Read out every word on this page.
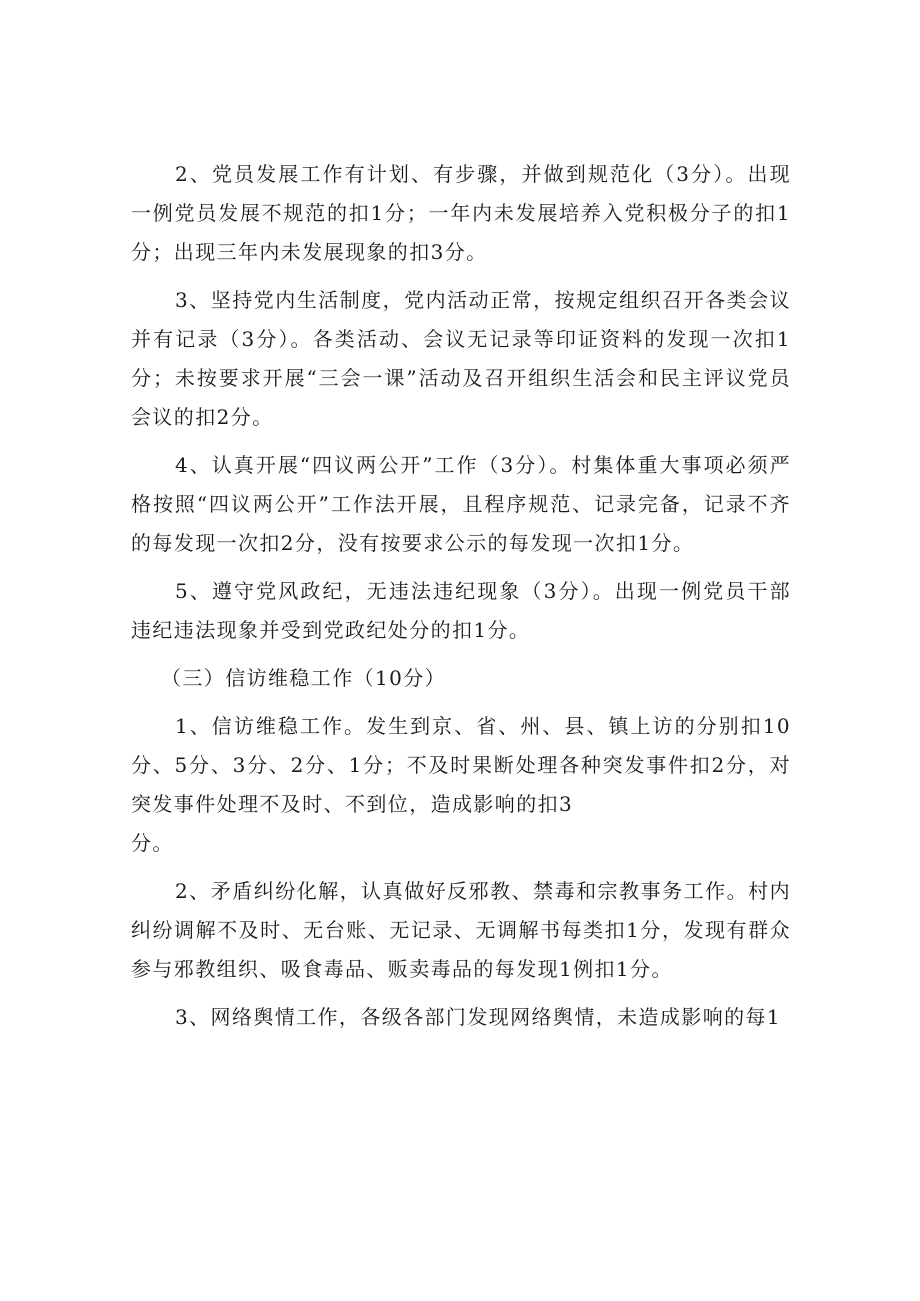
2、党员发展工作有计划、有步骤，并做到规范化（3分）。出现一例党员发展不规范的扣1分；一年内未发展培养入党积极分子的扣1分；出现三年内未发展现象的扣3分。

3、坚持党内生活制度，党内活动正常，按规定组织召开各类会议并有记录（3分）。各类活动、会议无记录等印证资料的发现一次扣1分；未按要求开展“三会一课”活动及召开组织生活会和民主评议党员会议的扣2分。

4、认真开展“四议两公开”工作（3分）。村集体重大事项必须严格按照“四议两公开”工作法开展，且程序规范、记录完备，记录不齐的每发现一次扣2分，没有按要求公示的每发现一次扣1分。

5、遵守党风政纪，无违法违纪现象（3分）。出现一例党员干部违纪违法现象并受到党政纪处分的扣1分。

（三）信访维稳工作（10分）

1、信访维稳工作。发生到京、省、州、县、镇上访的分别扣10分、5分、3分、2分、1分；不及时果断处理各种突发事件扣2分，对突发事件处理不及时、不到位，造成影响的扣3

分。

2、矛盾纠纷化解，认真做好反邪教、禁毒和宗教事务工作。村内纠纷调解不及时、无台账、无记录、无调解书每类扣1分，发现有群众参与邪教组织、吸食毒品、贩卖毒品的每发现1例扣1分。

3、网络舆情工作，各级各部门发现网络舆情，未造成影响的每1
